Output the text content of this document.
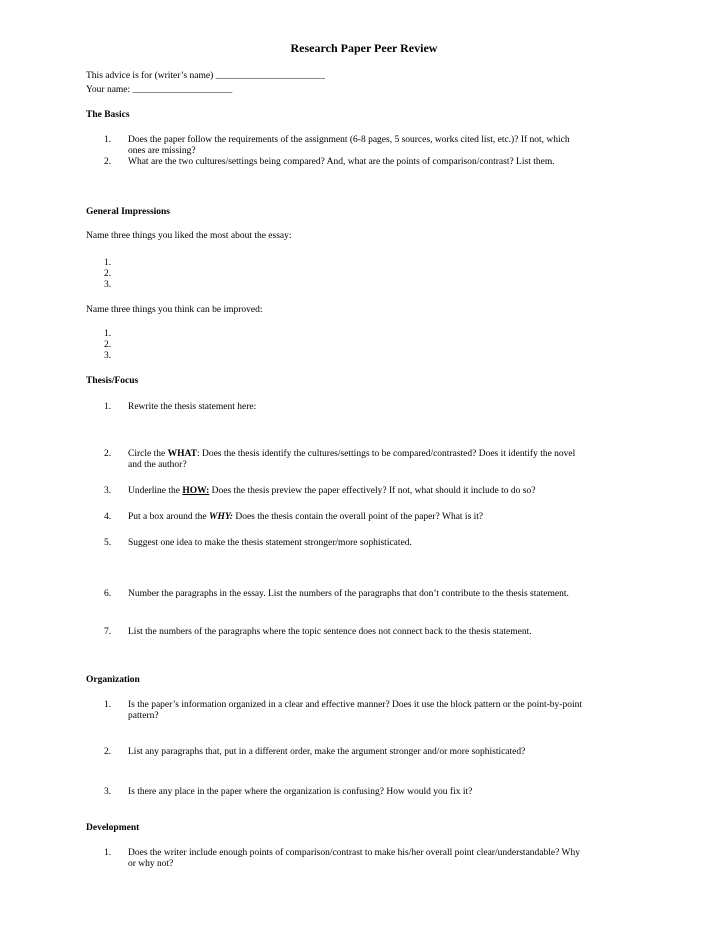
Research Paper Peer Review
This advice is for (writer’s name) _______________________
Your name: _____________________
The Basics
1.	Does the paper follow the requirements of the assignment (6-8 pages, 5 sources, works cited list, etc.)? If not, which
ones are missing?
2.	What are the two cultures/settings being compared? And, what are the points of comparison/contrast? List them.
General Impressions
Name three things you liked the most about the essay:
1.
2.
3.
Name three things you think can be improved:
1.
2.
3.
Thesis/Focus
1.	Rewrite the thesis statement here:
2.	Circle the WHAT: Does the thesis identify the cultures/settings to be compared/contrasted? Does it identify the novel
and the author?
3.	Underline the HOW: Does the thesis preview the paper effectively? If not, what should it include to do so?
4.	Put a box around the WHY: Does the thesis contain the overall point of the paper? What is it?
5.	Suggest one idea to make the thesis statement stronger/more sophisticated.
6.	Number the paragraphs in the essay. List the numbers of the paragraphs that don’t contribute to the thesis statement.
7.	List the numbers of the paragraphs where the topic sentence does not connect back to the thesis statement.
Organization
1.	Is the paper’s information organized in a clear and effective manner? Does it use the block pattern or the point-by-point
pattern?
2.	List any paragraphs that, put in a different order, make the argument stronger and/or more sophisticated?
3.	Is there any place in the paper where the organization is confusing? How would you fix it?
Development
1.	Does the writer include enough points of comparison/contrast to make his/her overall point clear/understandable? Why
or why not?
